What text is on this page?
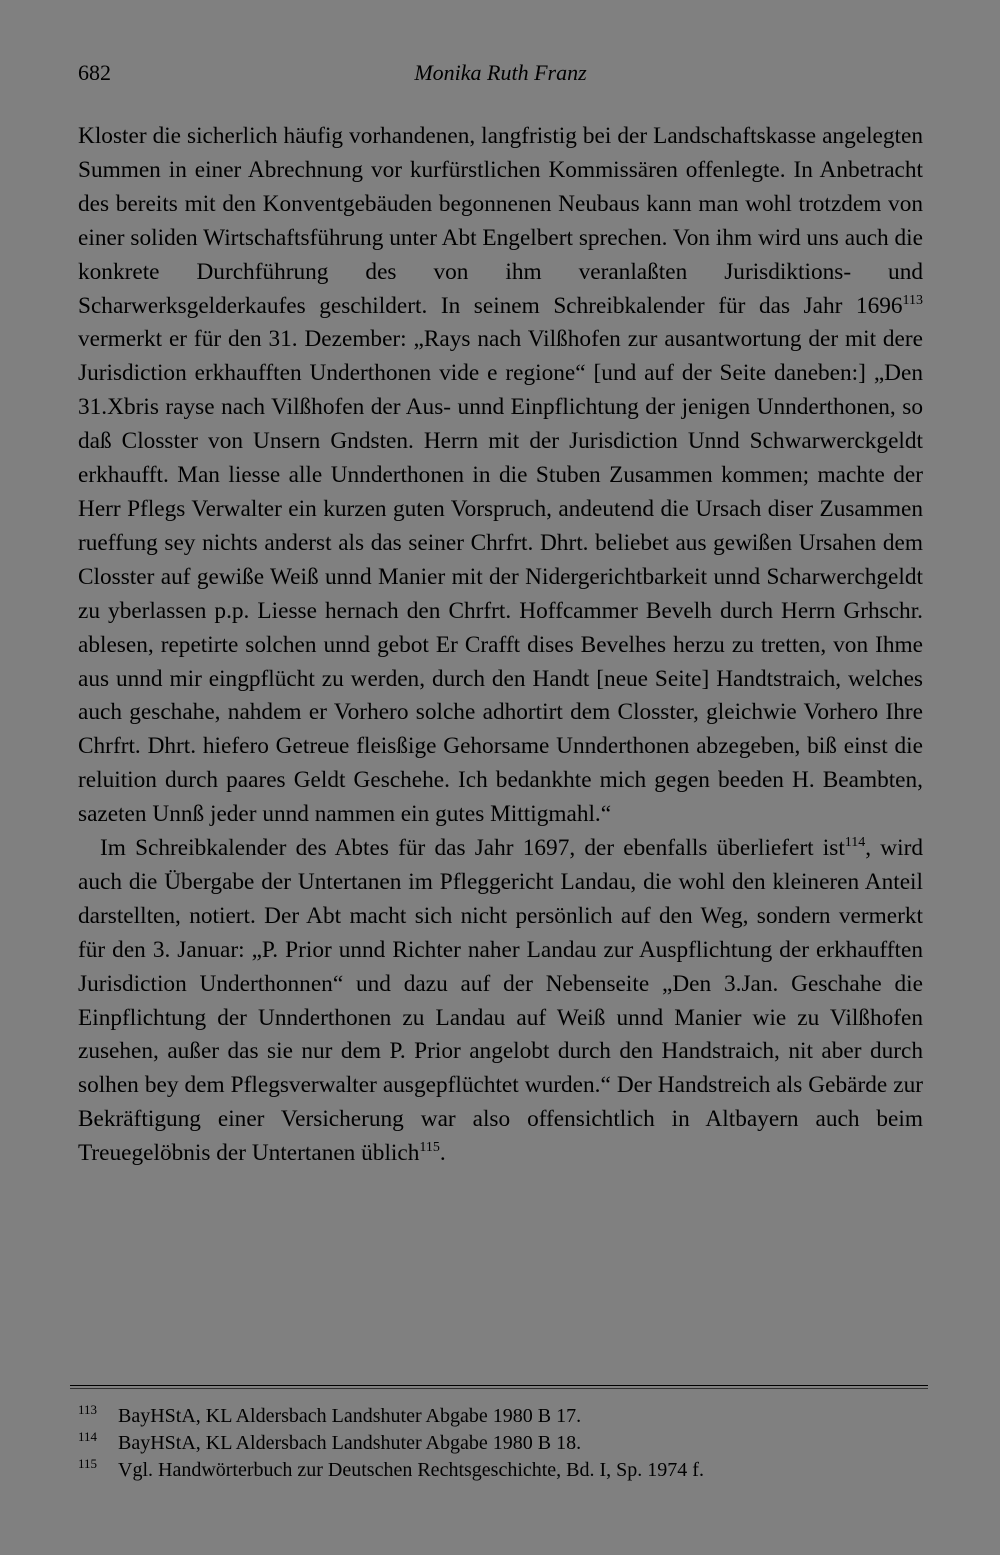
682	Monika Ruth Franz

Kloster die sicherlich häufig vorhandenen, langfristig bei der Landschaftskasse angelegten Summen in einer Abrechnung vor kurfürstlichen Kommissären offenlegte. In Anbetracht des bereits mit den Konventgebäuden begonnenen Neubaus kann man wohl trotzdem von einer soliden Wirtschaftsführung unter Abt Engelbert sprechen. Von ihm wird uns auch die konkrete Durchführung des von ihm veranlaßten Jurisdiktions- und Scharwerksgelderkaufes geschildert. In seinem Schreibkalender für das Jahr 1696$^{113}$ vermerkt er für den 31. Dezember: „Rays nach Vilßhofen zur ausantwortung der mit dere Jurisdiction erkhaufften Underthonen vide e regione“ [und auf der Seite daneben:] „Den 31.Xbris rayse nach Vilßhofen der Aus- unnd Einpflichtung der jenigen Unnderthonen, so daß Closster von Unsern Gndsten. Herrn mit der Jurisdiction Unnd Schwarwerckgeldt erkhaufft. Man liesse alle Unnderthonen in die Stuben Zusammen kommen; machte der Herr Pflegs Verwalter ein kurzen guten Vorspruch, andeutend die Ursach diser Zusammen rueffung sey nichts anderst als das seiner Chrfrt. Dhrt. beliebet aus gewißen Ursahen dem Closster auf gewiße Weiß unnd Manier mit der Nidergerichtbarkeit unnd Scharwerchgeldt zu yberlassen p.p. Liesse hernach den Chrfrt. Hoffcammer Bevelh durch Herrn Grhschr. ablesen, repetirte solchen unnd gebot Er Crafft dises Bevelhes herzu zu tretten, von Ihme aus unnd mir eingpflücht zu werden, durch den Handt [neue Seite] Handtstraich, welches auch geschahe, nahdem er Vorhero solche adhortirt dem Closster, gleichwie Vorhero Ihre Chrfrt. Dhrt. hiefero Getreue fleisßige Gehorsame Unnderthonen abzegeben, biß einst die reluition durch paares Geldt Geschehe. Ich bedankhte mich gegen beeden H. Beambten, sazeten Unnß jeder unnd nammen ein gutes Mittigmahl.“

Im Schreibkalender des Abtes für das Jahr 1697, der ebenfalls überliefert ist$^{114}$, wird auch die Übergabe der Untertanen im Pfleggericht Landau, die wohl den kleineren Anteil darstellten, notiert. Der Abt macht sich nicht persönlich auf den Weg, sondern vermerkt für den 3. Januar: „P. Prior unnd Richter naher Landau zur Auspflichtung der erkhaufften Jurisdiction Underthonnen“ und dazu auf der Nebenseite „Den 3.Jan. Geschahe die Einpflichtung der Unnderthonen zu Landau auf Weiß unnd Manier wie zu Vilßhofen zusehen, außer das sie nur dem P. Prior angelobt durch den Handstraich, nit aber durch solhen bey dem Pflegsverwalter ausgepflüchtet wurden.“ Der Handstreich als Gebärde zur Bekräftigung einer Versicherung war also offensichtlich in Altbayern auch beim Treuegelöbnis der Untertanen üblich$^{115}$.

113 BayHStA, KL Aldersbach Landshuter Abgabe 1980 B 17.

114 BayHStA, KL Aldersbach Landshuter Abgabe 1980 B 18.

115 Vgl. Handwörterbuch zur Deutschen Rechtsgeschichte, Bd. I, Sp. 1974 f.
